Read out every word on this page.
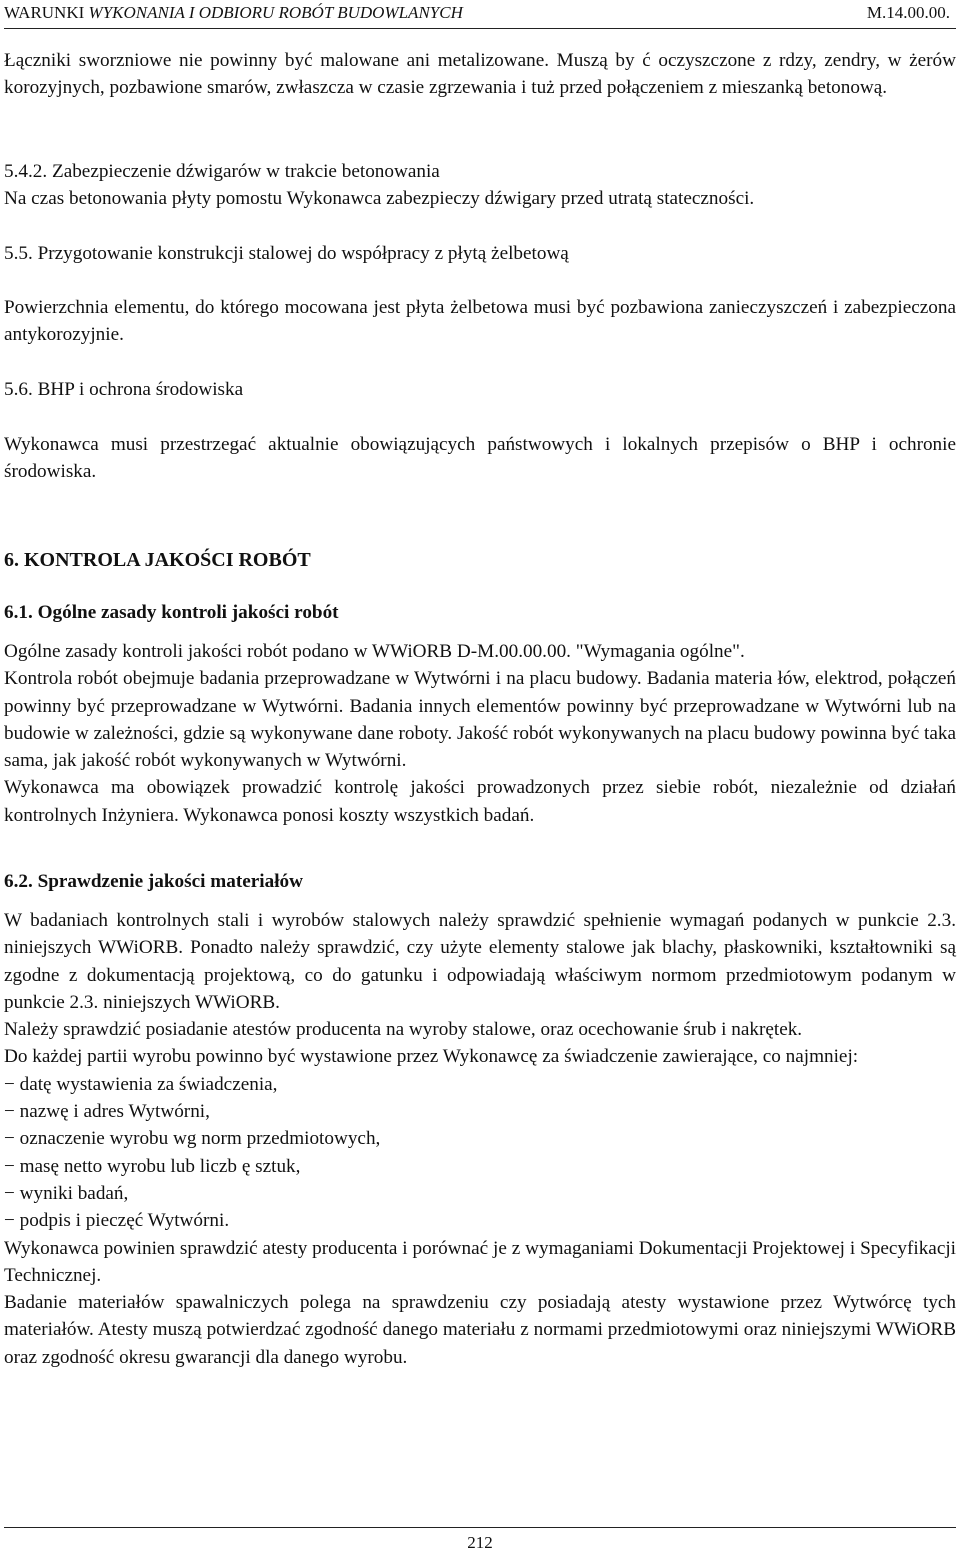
WARUNKI WYKONANIA I ODBIORU ROBÓT BUDOWLANYCH	M.14.00.00.

Łączniki sworzniowe nie powinny być malowane ani metalizowane. Muszą by ć oczyszczone z rdzy, zendry, w żerów korozyjnych, pozbawione smarów, zwłaszcza w czasie zgrzewania i tuż przed połączeniem z mieszanką betonową.

5.4.2. Zabezpieczenie dźwigarów w trakcie betonowania

Na czas betonowania płyty pomostu Wykonawca zabezpieczy dźwigary przed utratą stateczności.

5.5. Przygotowanie konstrukcji stalowej do współpracy z płytą żelbetową

Powierzchnia elementu, do którego mocowana jest płyta żelbetowa musi być pozbawiona zanieczyszczeń i zabezpieczona antykorozyjnie.

5.6. BHP i ochrona środowiska

Wykonawca musi przestrzegać aktualnie obowiązujących państwowych i lokalnych przepisów o BHP i ochronie środowiska.

6. KONTROLA JAKOŚCI ROBÓT

6.1. Ogólne zasady kontroli jakości robót

Ogólne zasady kontroli jakości robót podano w WWiORB D-M.00.00.00. "Wymagania ogólne".

Kontrola robót obejmuje badania przeprowadzane w Wytwórni i na placu budowy. Badania materia łów, elektrod, połączeń powinny być przeprowadzane w Wytwórni. Badania innych elementów powinny być przeprowadzane w Wytwórni lub na budowie w zależności, gdzie są wykonywane dane roboty. Jakość robót wykonywanych na placu budowy powinna być taka sama, jak jakość robót wykonywanych w Wytwórni.

Wykonawca ma obowiązek prowadzić kontrolę jakości prowadzonych przez siebie robót, niezależnie od działań kontrolnych Inżyniera. Wykonawca ponosi koszty wszystkich badań.

6.2. Sprawdzenie jakości materiałów

W badaniach kontrolnych stali i wyrobów stalowych należy sprawdzić spełnienie wymagań podanych w punkcie 2.3. niniejszych WWiORB. Ponadto należy sprawdzić, czy użyte elementy stalowe jak blachy, płaskowniki, kształtowniki są zgodne z dokumentacją projektową, co do gatunku i odpowiadają właściwym normom przedmiotowym podanym w punkcie 2.3. niniejszych WWiORB.

Należy sprawdzić posiadanie atestów producenta na wyroby stalowe, oraz ocechowanie śrub i nakrętek.

Do każdej partii wyrobu powinno być wystawione przez Wykonawcę za świadczenie zawierające, co najmniej:

− datę wystawienia za świadczenia,

− nazwę i adres Wytwórni,

− oznaczenie wyrobu wg norm przedmiotowych,

− masę netto wyrobu lub liczb ę sztuk,

− wyniki badań,

− podpis i pieczęć Wytwórni.

Wykonawca powinien sprawdzić atesty producenta i porównać je z wymaganiami Dokumentacji Projektowej i Specyfikacji Technicznej.

Badanie materiałów spawalniczych polega na sprawdzeniu czy posiadają atesty wystawione przez Wytwórcę tych materiałów. Atesty muszą potwierdzać zgodność danego materiału z normami przedmiotowymi oraz niniejszymi WWiORB oraz zgodność okresu gwarancji dla danego wyrobu.

212
